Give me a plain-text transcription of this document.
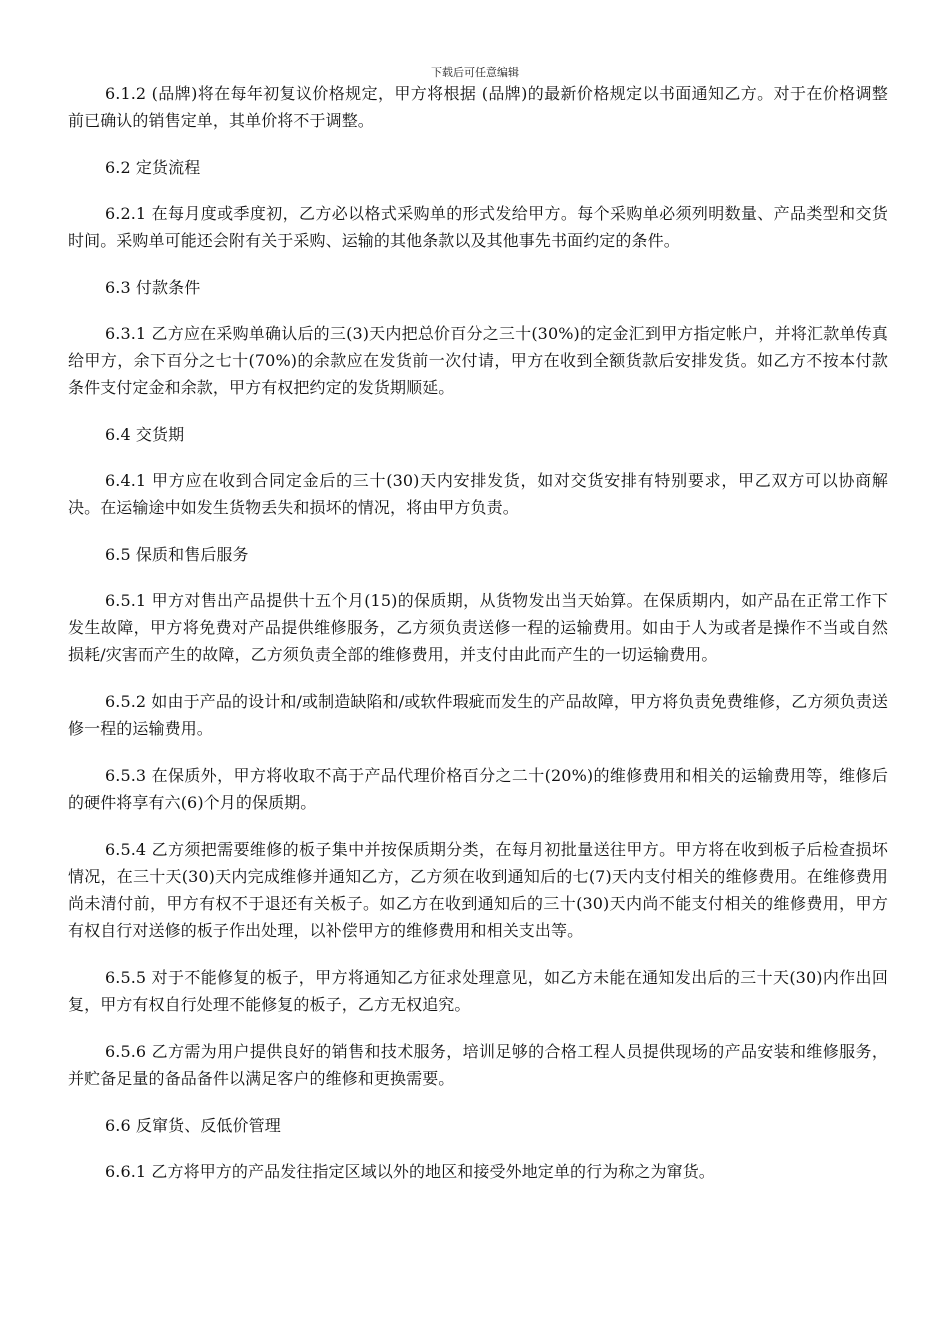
下载后可任意编辑

6.1.2 (品牌)将在每年初复议价格规定，甲方将根据 (品牌)的最新价格规定以书面通知乙方。对于在价格调整前已确认的销售定单，其单价将不于调整。

6.2 定货流程

6.2.1 在每月度或季度初，乙方必以格式采购单的形式发给甲方。每个采购单必须列明数量、产品类型和交货时间。采购单可能还会附有关于采购、运输的其他条款以及其他事先书面约定的条件。

6.3 付款条件

6.3.1 乙方应在采购单确认后的三(3)天内把总价百分之三十(30%)的定金汇到甲方指定帐户，并将汇款单传真给甲方，余下百分之七十(70%)的余款应在发货前一次付请，甲方在收到全额货款后安排发货。如乙方不按本付款条件支付定金和余款，甲方有权把约定的发货期顺延。

6.4 交货期

6.4.1 甲方应在收到合同定金后的三十(30)天内安排发货，如对交货安排有特别要求，甲乙双方可以协商解决。在运输途中如发生货物丢失和损坏的情况，将由甲方负责。

6.5 保质和售后服务

6.5.1 甲方对售出产品提供十五个月(15)的保质期，从货物发出当天始算。在保质期内，如产品在正常工作下发生故障，甲方将免费对产品提供维修服务，乙方须负责送修一程的运输费用。如由于人为或者是操作不当或自然损耗/灾害而产生的故障，乙方须负责全部的维修费用，并支付由此而产生的一切运输费用。

6.5.2 如由于产品的设计和/或制造缺陷和/或软件瑕疵而发生的产品故障，甲方将负责免费维修，乙方须负责送修一程的运输费用。

6.5.3 在保质外，甲方将收取不高于产品代理价格百分之二十(20%)的维修费用和相关的运输费用等，维修后的硬件将享有六(6)个月的保质期。

6.5.4 乙方须把需要维修的板子集中并按保质期分类，在每月初批量送往甲方。甲方将在收到板子后检查损坏情况，在三十天(30)天内完成维修并通知乙方，乙方须在收到通知后的七(7)天内支付相关的维修费用。在维修费用尚未清付前，甲方有权不于退还有关板子。如乙方在收到通知后的三十(30)天内尚不能支付相关的维修费用，甲方有权自行对送修的板子作出处理，以补偿甲方的维修费用和相关支出等。

6.5.5 对于不能修复的板子，甲方将通知乙方征求处理意见，如乙方未能在通知发出后的三十天(30)内作出回复，甲方有权自行处理不能修复的板子，乙方无权追究。

6.5.6 乙方需为用户提供良好的销售和技术服务，培训足够的合格工程人员提供现场的产品安装和维修服务，并贮备足量的备品备件以满足客户的维修和更换需要。

6.6 反窜货、反低价管理

6.6.1 乙方将甲方的产品发往指定区域以外的地区和接受外地定单的行为称之为窜货。
